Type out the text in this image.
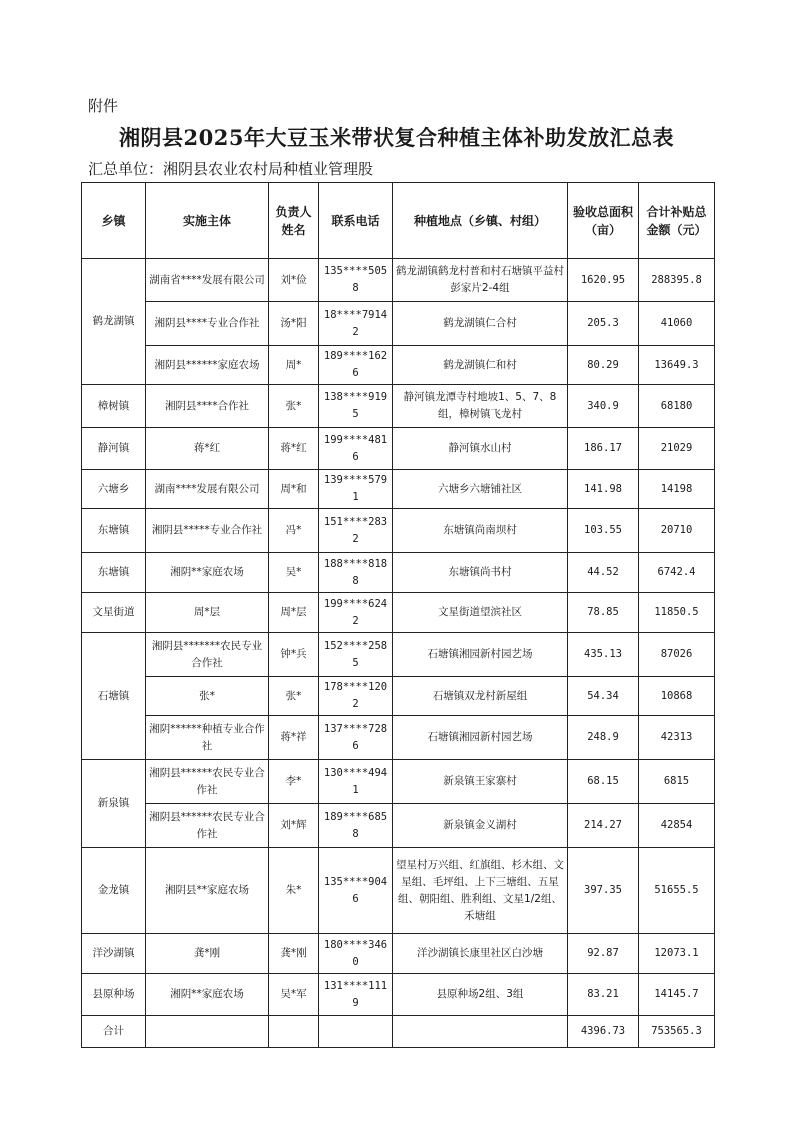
附件
湘阴县2025年大豆玉米带状复合种植主体补助发放汇总表
汇总单位：湘阴县农业农村局种植业管理股
乡镇	实施主体	负责人姓名	联系电话	种植地点（乡镇、村组）	验收总面积（亩）	合计补贴总金额（元）
鹤龙湖镇	湖南省****发展有限公司	刘*俭	135****5058	鹤龙湖镇鹤龙村普和村石塘镇平益村彭家片2-4组	1620.95	288395.8
	湘阴县****专业合作社	汤*阳	18****79142	鹤龙湖镇仁合村	205.3	41060
	湘阴县******家庭农场	周*	189****1626	鹤龙湖镇仁和村	80.29	13649.3
樟树镇	湘阴县****合作社	张*	138****9195	静河镇龙潭寺村地坡1、5、7、8组，樟树镇飞龙村	340.9	68180
静河镇	蒋*红	蒋*红	199****4816	静河镇水山村	186.17	21029
六塘乡	湖南****发展有限公司	周*和	139****5791	六塘乡六塘铺社区	141.98	14198
东塘镇	湘阴县*****专业合作社	冯*	151****2832	东塘镇尚南坝村	103.55	20710
东塘镇	湘阴**家庭农场	吴*	188****8188	东塘镇尚书村	44.52	6742.4
文星街道	周*层	周*层	199****6242	文星街道望滨社区	78.85	11850.5
石塘镇	湘阴县*******农民专业合作社	钟*兵	152****2585	石塘镇湘园新村园艺场	435.13	87026
	张*	张*	178****1202	石塘镇双龙村新屋组	54.34	10868
	湘阴******种植专业合作社	蒋*祥	137****7286	石塘镇湘园新村园艺场	248.9	42313
新泉镇	湘阴县******农民专业合作社	李*	130****4941	新泉镇王家寨村	68.15	6815
	湘阴县******农民专业合作社	刘*辉	189****6858	新泉镇金义湖村	214.27	42854
金龙镇	湘阴县**家庭农场	朱*	135****9046	望星村万兴组、红旗组、杉木组、文星组、毛坪组、上下三塘组、五星组、朝阳组、胜利组、文星1/2组、禾塘组	397.35	51655.5
洋沙湖镇	龚*刚	龚*刚	180****3460	洋沙湖镇长康里社区白沙塘	92.87	12073.1
县原种场	湘阴**家庭农场	吴*军	131****1119	县原种场2组、3组	83.21	14145.7
合计					4396.73	753565.3
